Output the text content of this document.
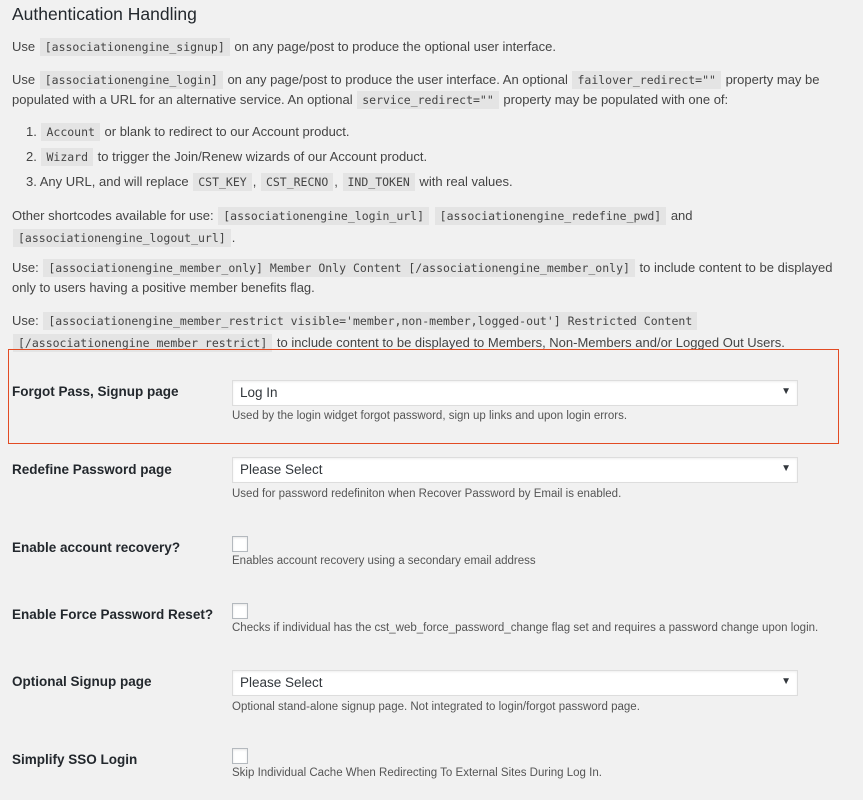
Authentication Handling

Use [associationengine_signup] on any page/post to produce the optional user interface.

Use [associationengine_login] on any page/post to produce the user interface. An optional failover_redirect="" property may be populated with a URL for an alternative service. An optional service_redirect="" property may be populated with one of:

1. Account or blank to redirect to our Account product.
2. Wizard to trigger the Join/Renew wizards of our Account product.
3. Any URL, and will replace CST_KEY , CST_RECNO , IND_TOKEN with real values.

Other shortcodes available for use: [associationengine_login_url] [associationengine_redefine_pwd] and
[associationengine_logout_url] .

Use: [associationengine_member_only] Member Only Content [/associationengine_member_only] to include content to be displayed only to users having a positive member benefits flag.

Use: [associationengine_member_restrict visible='member,non-member,logged-out'] Restricted Content
[/associationengine_member_restrict] to include content to be displayed to Members, Non-Members and/or Logged Out Users.

Forgot Pass, Signup page	Log In	▼
Used by the login widget forgot password, sign up links and upon login errors.
Redefine Password page	Please Select	▼
Used for password redefiniton when Recover Password by Email is enabled.
Enable account recovery?
Enables account recovery using a secondary email address
Enable Force Password Reset?
Checks if individual has the cst_web_force_password_change flag set and requires a password change upon login.
Optional Signup page	Please Select	▼
Optional stand-alone signup page. Not integrated to login/forgot password page.
Simplify SSO Login
Skip Individual Cache When Redirecting To External Sites During Log In.
